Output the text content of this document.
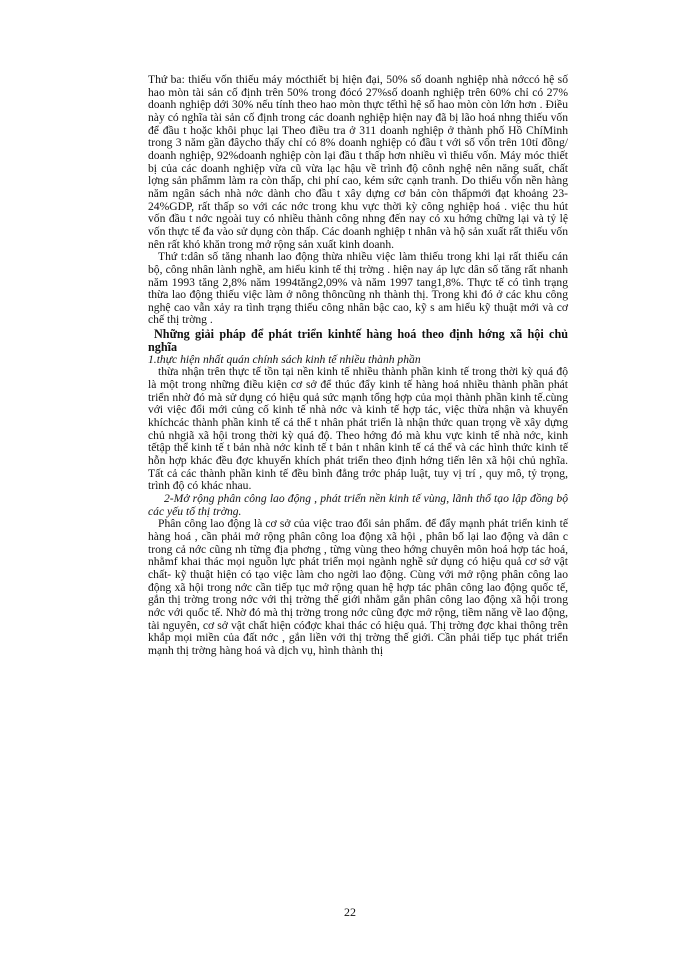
Thứ ba: thiếu vốn thiếu máy mócthiết bị hiện đại, 50% số doanh nghiệp nhà nớccó hệ số hao mòn tài sản cố định trên 50% trong đócó 27%số doanh nghiệp trên 60% chỉ có 27% doanh nghiệp dới 30% nếu tính theo hao mòn thực tếthì hệ số hao mòn còn lớn hơn . Điều này có nghĩa tài sản cố định trong các doanh nghiệp hiện nay đã bị lão hoá nhng thiếu vốn để đầu t hoặc khôi phục lại Theo điều tra ở 311 doanh nghiệp ở thành phố Hồ ChíMinh trong 3 năm gần đâycho thấy chỉ có 8% doanh nghiệp có đầu t với số vốn trên 10tỉ đồng/ doanh nghiệp, 92%doanh nghiệp còn lại đầu t thấp hơn nhiều vì thiếu vốn. Máy móc thiết bị của các doanh nghiệp vừa cũ vừa lạc hậu về trình độ cônh nghệ nên năng suất, chất lợng sản phẩmm làm ra còn thấp, chi phí cao, kém sức cạnh tranh. Do thiếu vốn nền hàng năm ngân sách nhà nớc dành cho đầu t xây dựng cơ bản còn thấpmới đạt khoảng 23-24%GDP, rất thấp so với các nớc trong khu vực thời kỳ công nghiệp hoá . việc thu hút vốn đầu t nớc ngoài tuy có nhiều thành công nhng đến nay có xu hớng chững lại và tỷ lệ vốn thực tế đa vào sử dụng còn thấp. Các doanh nghiệp t nhân và hộ sản xuất rất thiếu vốn nên rất khó khăn trong mở rộng sản xuất kinh doanh.

Thứ t:dân số tăng nhanh lao động thừa nhiều việc làm thiếu trong khi lại rất thiếu cán bộ, công nhân lành nghề, am hiểu kinh tế thị trờng . hiện nay áp lực dân số tăng rất nhanh năm 1993 tăng 2,8% năm 1994tăng2,09% và năm 1997 tang1,8%. Thực tế có tình trạng thừa lao động thiếu việc làm ở nông thôncũng nh thành thị. Trong khi đó ở các khu công nghệ cao vẫn xảy ra tình trạng thiếu công nhân bậc cao, kỹ s am hiểu kỹ thuật mới và cơ chế thị trờng .

Những giải pháp để phát triển kinhtế hàng hoá theo định hớng xã hội chủ nghĩa

1.thực hiện nhất quán chính sách kinh tế nhiều thành phần

thừa nhận trên thực tế tồn tại nền kinh tế nhiều thành phần kinh tế trong thời kỳ quá độ là một trong những điều kiện cơ sở để thúc đẩy kinh tế hàng hoá nhiều thành phần phát triển nhờ đó mà sử dụng có hiệu quả sức mạnh tổng hợp của mọi thành phần kinh tế.cùng với việc đổi mới củng cố kinh tế nhà nớc và kinh tế hợp tác, việc thừa nhận và khuyến khíchcác thành phần kinh tế cá thể t nhân phát triển là nhận thức quan trọng về xây dựng chủ nhgiã xã hội trong thời kỳ quá độ. Theo hớng đó mà khu vực kinh tế nhà nớc, kinh tếtập thể kinh tế t bản nhà nớc kinh tế t bản t nhân kinh tế cá thể và các hình thức kinh tế hỗn hợp khác đều đợc khuyến khích phát triển theo định hớng tiến lên xã hội chủ nghĩa. Tất cả các thành phần kinh tế đều bình đẳng trớc pháp luật, tuy vị trí , quy mô, tỷ trọng, trình độ có khác nhau.

2-Mở rộng phân công lao động , phát triển nền kinh tế vùng, lãnh thổ tạo lập đồng bộ các yếu tố thị trờng.

Phân công lao động là cơ sở của việc trao đổi sản phẩm. để đẩy mạnh phát triển kinh tế hàng hoá , cần phải mở rộng phân công loa động xã hội , phân bố lại lao động và dân c trong cả nớc cũng nh từng địa phơng , từng vùng theo hớng chuyên môn hoá hợp tác hoá, nhằmf khai thác mọi nguồn lực phát triển mọi ngành nghề sử dụng có hiệu quả cơ sở vật chất- kỹ thuật hiện có tạo việc làm cho ngời lao động. Cùng với mở rộng phân công lao động xã hội trong nớc cần tiếp tục mở rộng quan hệ hợp tác phân công lao động quốc tế, gắn thị trờng trong nớc với thị trờng thế giới nhằm gắn phân công lao động xã hội trong nớc với quốc tế. Nhờ đó mà thị trờng trong nớc cũng đợc mở rộng, tiềm năng về lao động, tài nguyên, cơ sở vật chất hiện cóđợc khai thác có hiệu quả. Thị trờng đợc khai thông trên khắp mọi miền của đất nớc , gắn liền với thị trờng thế giới. Cần phải tiếp tục phát triển mạnh thị trờng hàng hoá và dịch vụ, hình thành thị

22
